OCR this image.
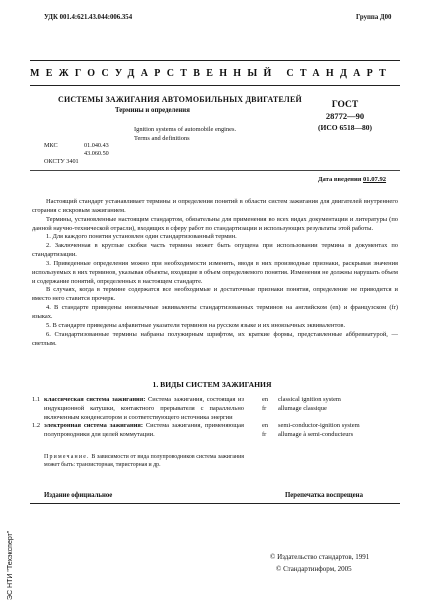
УДК 001.4:621.43.044:006.354	Группа Д00
МЕЖГОСУДАРСТВЕННЫЙ СТАНДАРТ
СИСТЕМЫ ЗАЖИГАНИЯ АВТОМОБИЛЬНЫХ ДВИГАТЕЛЕЙ
Термины и определения
Ignition systems of automobile engines.
Terms and definitions
ГОСТ
28772—90
(ИСО 6518—80)
МКС	01.040.43
43.060.50
ОКСТУ 3401
Дата введения 01.07.92

Настоящий стандарт устанавливает термины и определения понятий в области систем зажигания для двигателей внутреннего сгорания с искровым зажиганием.

Термины, установленные настоящим стандартом, обязательны для применения во всех видах документации и литературы (по данной научно-технической отрасли), входящих в сферу работ по стандартизации и использующих результаты этой работы.

1. Для каждого понятия установлен один стандартизованный термин.

2. Заключенная в круглые скобки часть термина может быть опущена при использовании термина в документах по стандартизации.

3. Приведенные определения можно при необходимости изменять, вводя в них производные признаки, раскрывая значения используемых в них терминов, указывая объекты, входящие в объем определяемого понятия. Изменения не должны нарушать объем и содержание понятий, определенных в настоящем стандарте.

В случаях, когда в термине содержатся все необходимые и достаточные признаки понятия, определение не приводится и вместо него ставится прочерк.

4. В стандарте приведены иноязычные эквиваленты стандартизованных терминов на английском (en) и французском (fr) языках.

5. В стандарте приведены алфавитные указатели терминов на русском языке и их иноязычных эквивалентов.

6. Стандартизованные термины набраны полужирным шрифтом, их краткие формы, представленные аббревиатурой, — светлым.

1. ВИДЫ СИСТЕМ ЗАЖИГАНИЯ
1.1 классическая система зажигания: Система зажигания, состоящая из индукционной катушки, контактного прерывателя с параллельно включенным конденсатором и соответствующего источника энергии
en classical ignition system
fr allumage classique
1.2 электронная система зажигания: Система зажигания, применяющая полупроводники для целей коммутации.
en semi-conductor-ignition system
fr allumage à semi-conducteurs
Примечание. В зависимости от вида полупроводников система зажигания может быть: транзисторная, тиристорная и др.
Издание официальное	Перепечатка воспрещена
© Издательство стандартов, 1991
© Стандартинформ, 2005
ЭС НТИ "Техэксперт"
